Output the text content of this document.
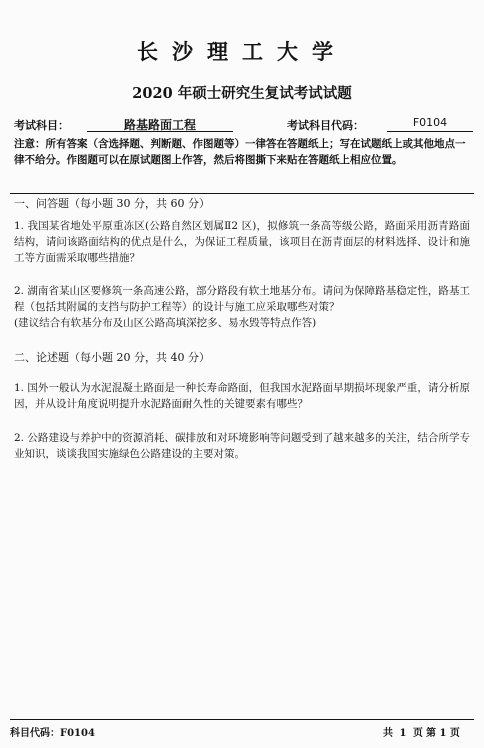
长沙理工大学
2020 年硕士研究生复试考试试题
考试科目：	路基路面工程	考试科目代码：	F0104
注意：所有答案（含选择题、判断题、作图题等）一律答在答题纸上；写在试题纸上或其他地点一律不给分。作图题可以在原试题图上作答，然后将图撕下来贴在答题纸上相应位置。
一、问答题（每小题 30 分，共 60 分）
1. 我国某省地处平原重冻区(公路自然区划属Ⅱ2 区)，拟修筑一条高等级公路，路面采用沥青路面结构，请问该路面结构的优点是什么，为保证工程质量，该项目在沥青面层的材料选择、设计和施工等方面需采取哪些措施？
2. 湖南省某山区要修筑一条高速公路，部分路段有软土地基分布。请问为保障路基稳定性，路基工程（包括其附属的支挡与防护工程等）的设计与施工应采取哪些对策？
(建议结合有软基分布及山区公路高填深挖多、易水毁等特点作答)
二、论述题（每小题 20 分，共 40 分）
1. 国外一般认为水泥混凝土路面是一种长寿命路面，但我国水泥路面早期损坏现象严重，请分析原因，并从设计角度说明提升水泥路面耐久性的关键要素有哪些？
2. 公路建设与养护中的资源消耗、碳排放和对环境影响等问题受到了越来越多的关注，结合所学专业知识，谈谈我国实施绿色公路建设的主要对策。
科目代码：F0104	共 1 页 第 1 页
